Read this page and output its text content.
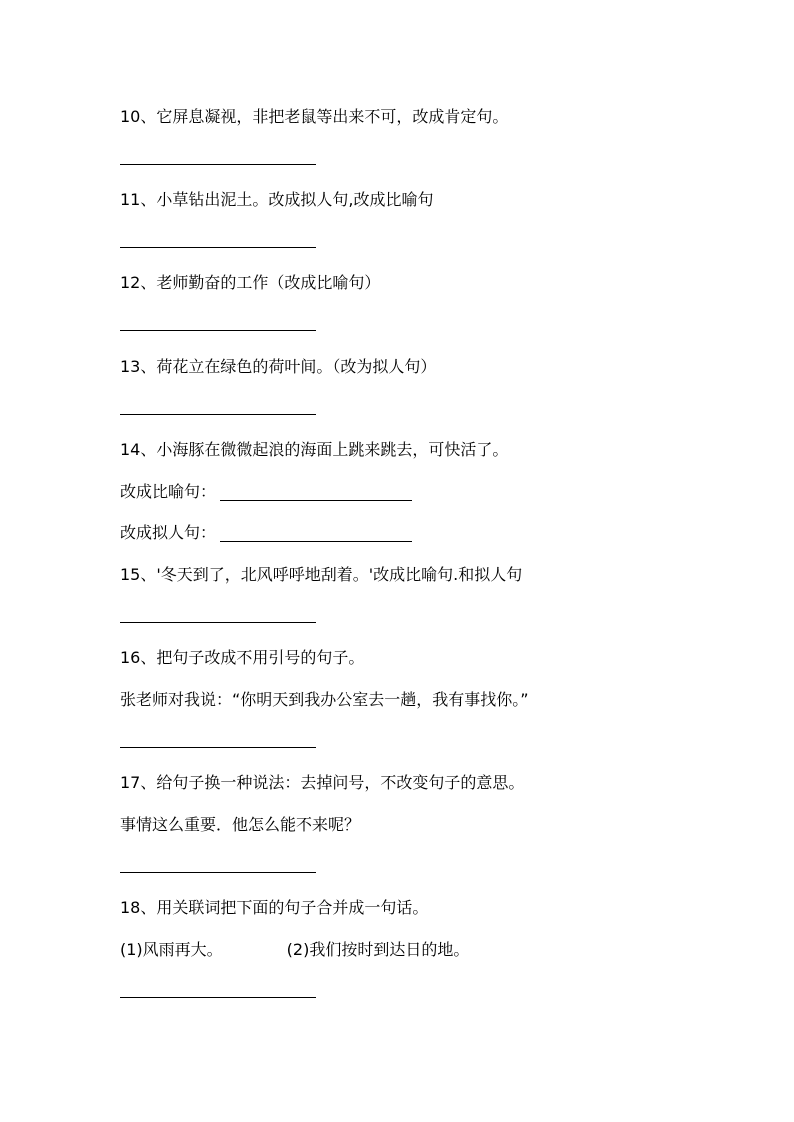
10、它屏息凝视，非把老鼠等出来不可，改成肯定句。
11、小草钻出泥土。改成拟人句,改成比喻句
12、老师勤奋的工作（改成比喻句）
13、荷花立在绿色的荷叶间。（改为拟人句）
14、小海豚在微微起浪的海面上跳来跳去，可快活了。
改成比喻句：
改成拟人句：
15、'冬天到了，北风呼呼地刮着。'改成比喻句.和拟人句
16、把句子改成不用引号的句子。
张老师对我说：“你明天到我办公室去一趟，我有事找你。”
17、给句子换一种说法：去掉问号，不改变句子的意思。
事情这么重要．他怎么能不来呢？
18、用关联词把下面的句子合并成一句话。
(1)风雨再大。	(2)我们按时到达日的地。
